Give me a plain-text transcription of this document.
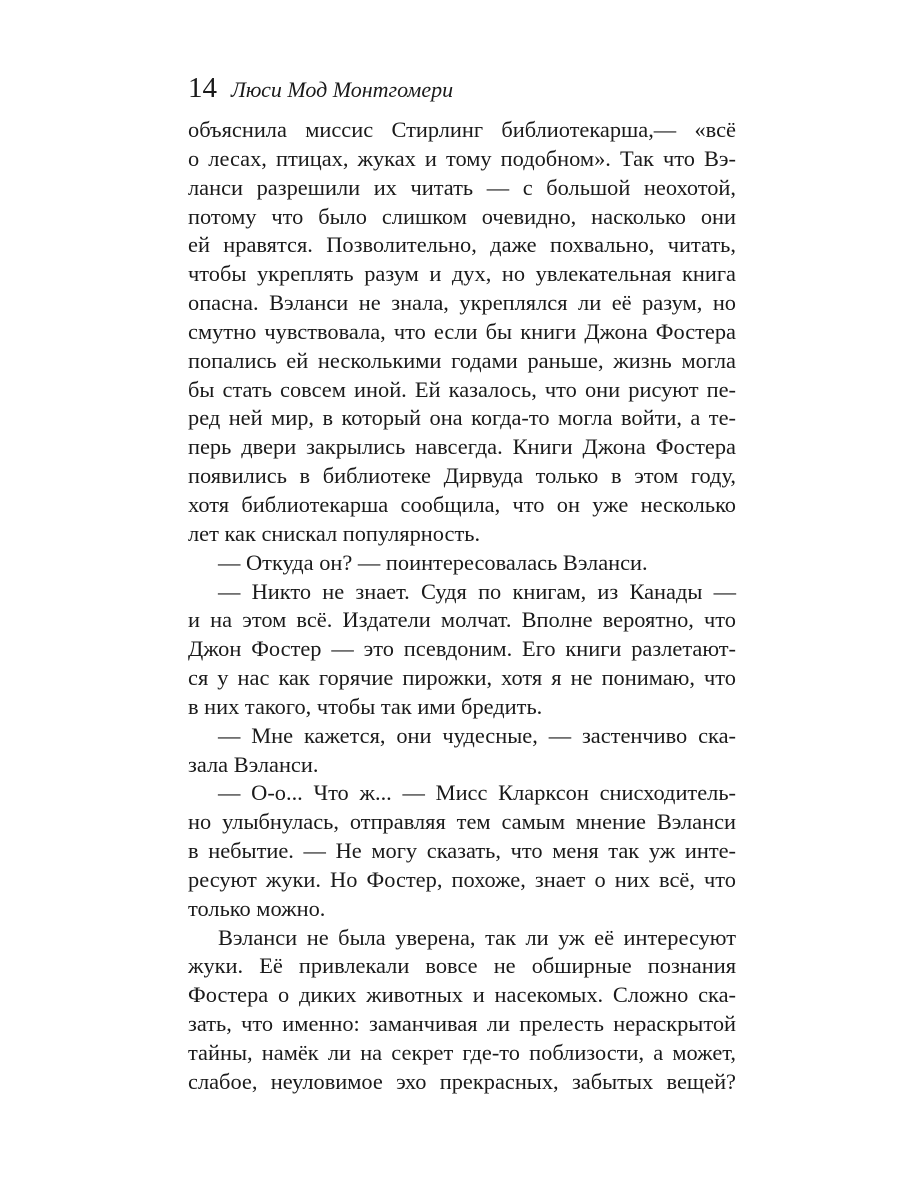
14 Люси Мод Монтгомери
объяснила миссис Стирлинг библиотекарша,— «всё
о лесах, птицах, жуках и тому подобном». Так что Вэ-
ланси разрешили их читать — с большой неохотой,
потому что было слишком очевидно, насколько они
ей нравятся. Позволительно, даже похвально, читать,
чтобы укреплять разум и дух, но увлекательная книга
опасна. Вэланси не знала, укреплялся ли её разум, но
смутно чувствовала, что если бы книги Джона Фостера
попались ей несколькими годами раньше, жизнь могла
бы стать совсем иной. Ей казалось, что они рисуют пе-
ред ней мир, в который она когда-то могла войти, а те-
перь двери закрылись навсегда. Книги Джона Фостера
появились в библиотеке Дирвуда только в этом году,
хотя библиотекарша сообщила, что он уже несколько
лет как снискал популярность.
— Откуда он? — поинтересовалась Вэланси.
— Никто не знает. Судя по книгам, из Канады —
и на этом всё. Издатели молчат. Вполне вероятно, что
Джон Фостер — это псевдоним. Его книги разлетают-
ся у нас как горячие пирожки, хотя я не понимаю, что
в них такого, чтобы так ими бредить.
— Мне кажется, они чудесные, — застенчиво ска-
зала Вэланси.
— О-о... Что ж... — Мисс Кларксон снисходитель-
но улыбнулась, отправляя тем самым мнение Вэланси
в небытие. — Не могу сказать, что меня так уж инте-
ресуют жуки. Но Фостер, похоже, знает о них всё, что
только можно.
Вэланси не была уверена, так ли уж её интересуют
жуки. Её привлекали вовсе не обширные познания
Фостера о диких животных и насекомых. Сложно ска-
зать, что именно: заманчивая ли прелесть нераскрытой
тайны, намёк ли на секрет где-то поблизости, а может,
слабое, неуловимое эхо прекрасных, забытых вещей?
